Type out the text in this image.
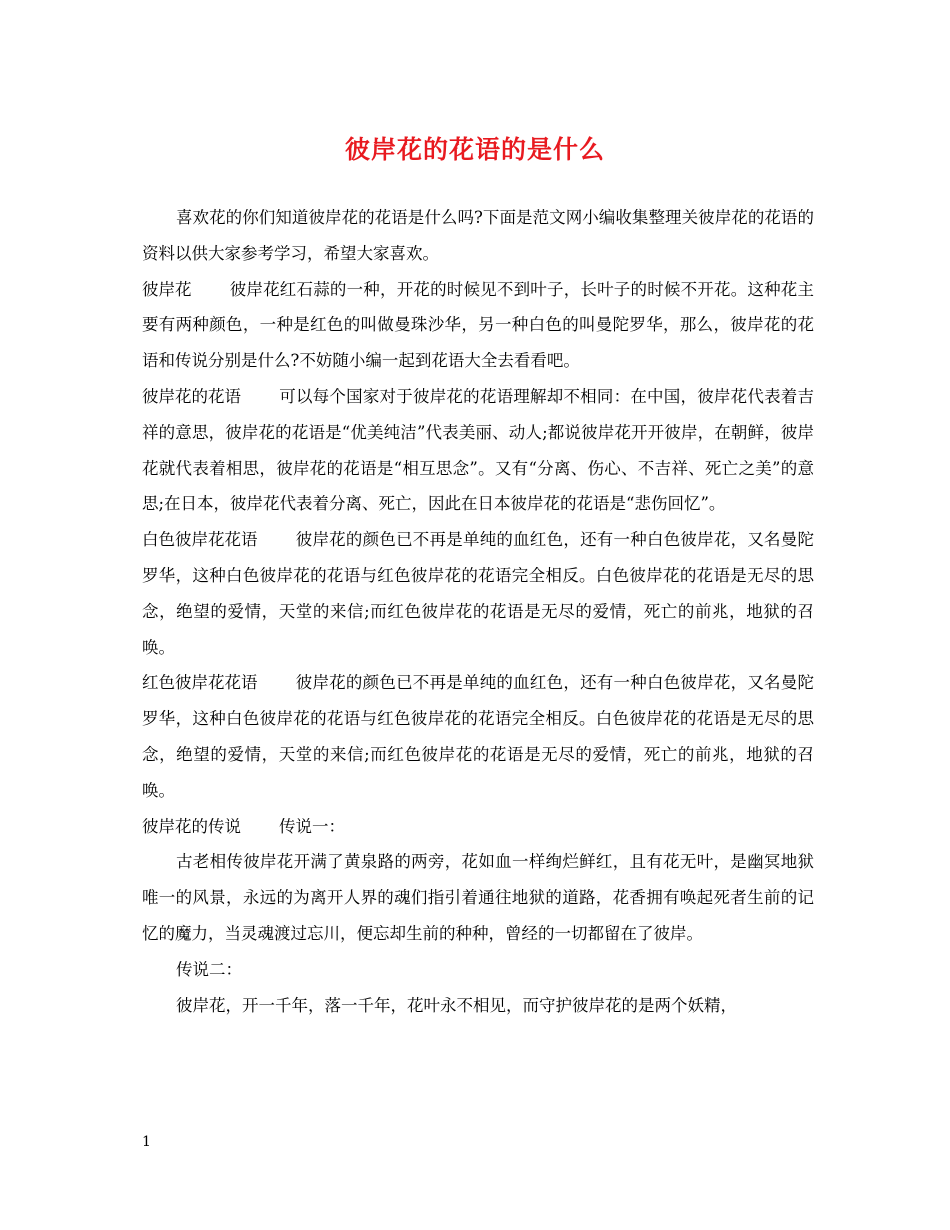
彼岸花的花语的是什么

喜欢花的你们知道彼岸花的花语是什么吗?下面是范文网小编收集整理关彼岸花的花语的资料以供大家参考学习，希望大家喜欢。

彼岸花 彼岸花红石蒜的一种，开花的时候见不到叶子，长叶子的时候不开花。这种花主要有两种颜色，一种是红色的叫做曼珠沙华，另一种白色的叫曼陀罗华，那么，彼岸花的花语和传说分别是什么?不妨随小编一起到花语大全去看看吧。

彼岸花的花语 可以每个国家对于彼岸花的花语理解却不相同：在中国，彼岸花代表着吉祥的意思，彼岸花的花语是“优美纯洁”代表美丽、动人;都说彼岸花开开彼岸，在朝鲜，彼岸花就代表着相思，彼岸花的花语是“相互思念”。又有“分离、伤心、不吉祥、死亡之美”的意思;在日本，彼岸花代表着分离、死亡，因此在日本彼岸花的花语是“悲伤回忆”。

白色彼岸花花语 彼岸花的颜色已不再是单纯的血红色，还有一种白色彼岸花，又名曼陀罗华，这种白色彼岸花的花语与红色彼岸花的花语完全相反。白色彼岸花的花语是无尽的思念，绝望的爱情，天堂的来信;而红色彼岸花的花语是无尽的爱情，死亡的前兆，地狱的召唤。

红色彼岸花花语 彼岸花的颜色已不再是单纯的血红色，还有一种白色彼岸花，又名曼陀罗华，这种白色彼岸花的花语与红色彼岸花的花语完全相反。白色彼岸花的花语是无尽的思念，绝望的爱情，天堂的来信;而红色彼岸花的花语是无尽的爱情，死亡的前兆，地狱的召唤。

彼岸花的传说 传说一：

古老相传彼岸花开满了黄泉路的两旁，花如血一样绚烂鲜红，且有花无叶，是幽冥地狱唯一的风景，永远的为离开人界的魂们指引着通往地狱的道路，花香拥有唤起死者生前的记忆的魔力，当灵魂渡过忘川，便忘却生前的种种，曾经的一切都留在了彼岸。

传说二：

彼岸花，开一千年，落一千年，花叶永不相见，而守护彼岸花的是两个妖精，

1
